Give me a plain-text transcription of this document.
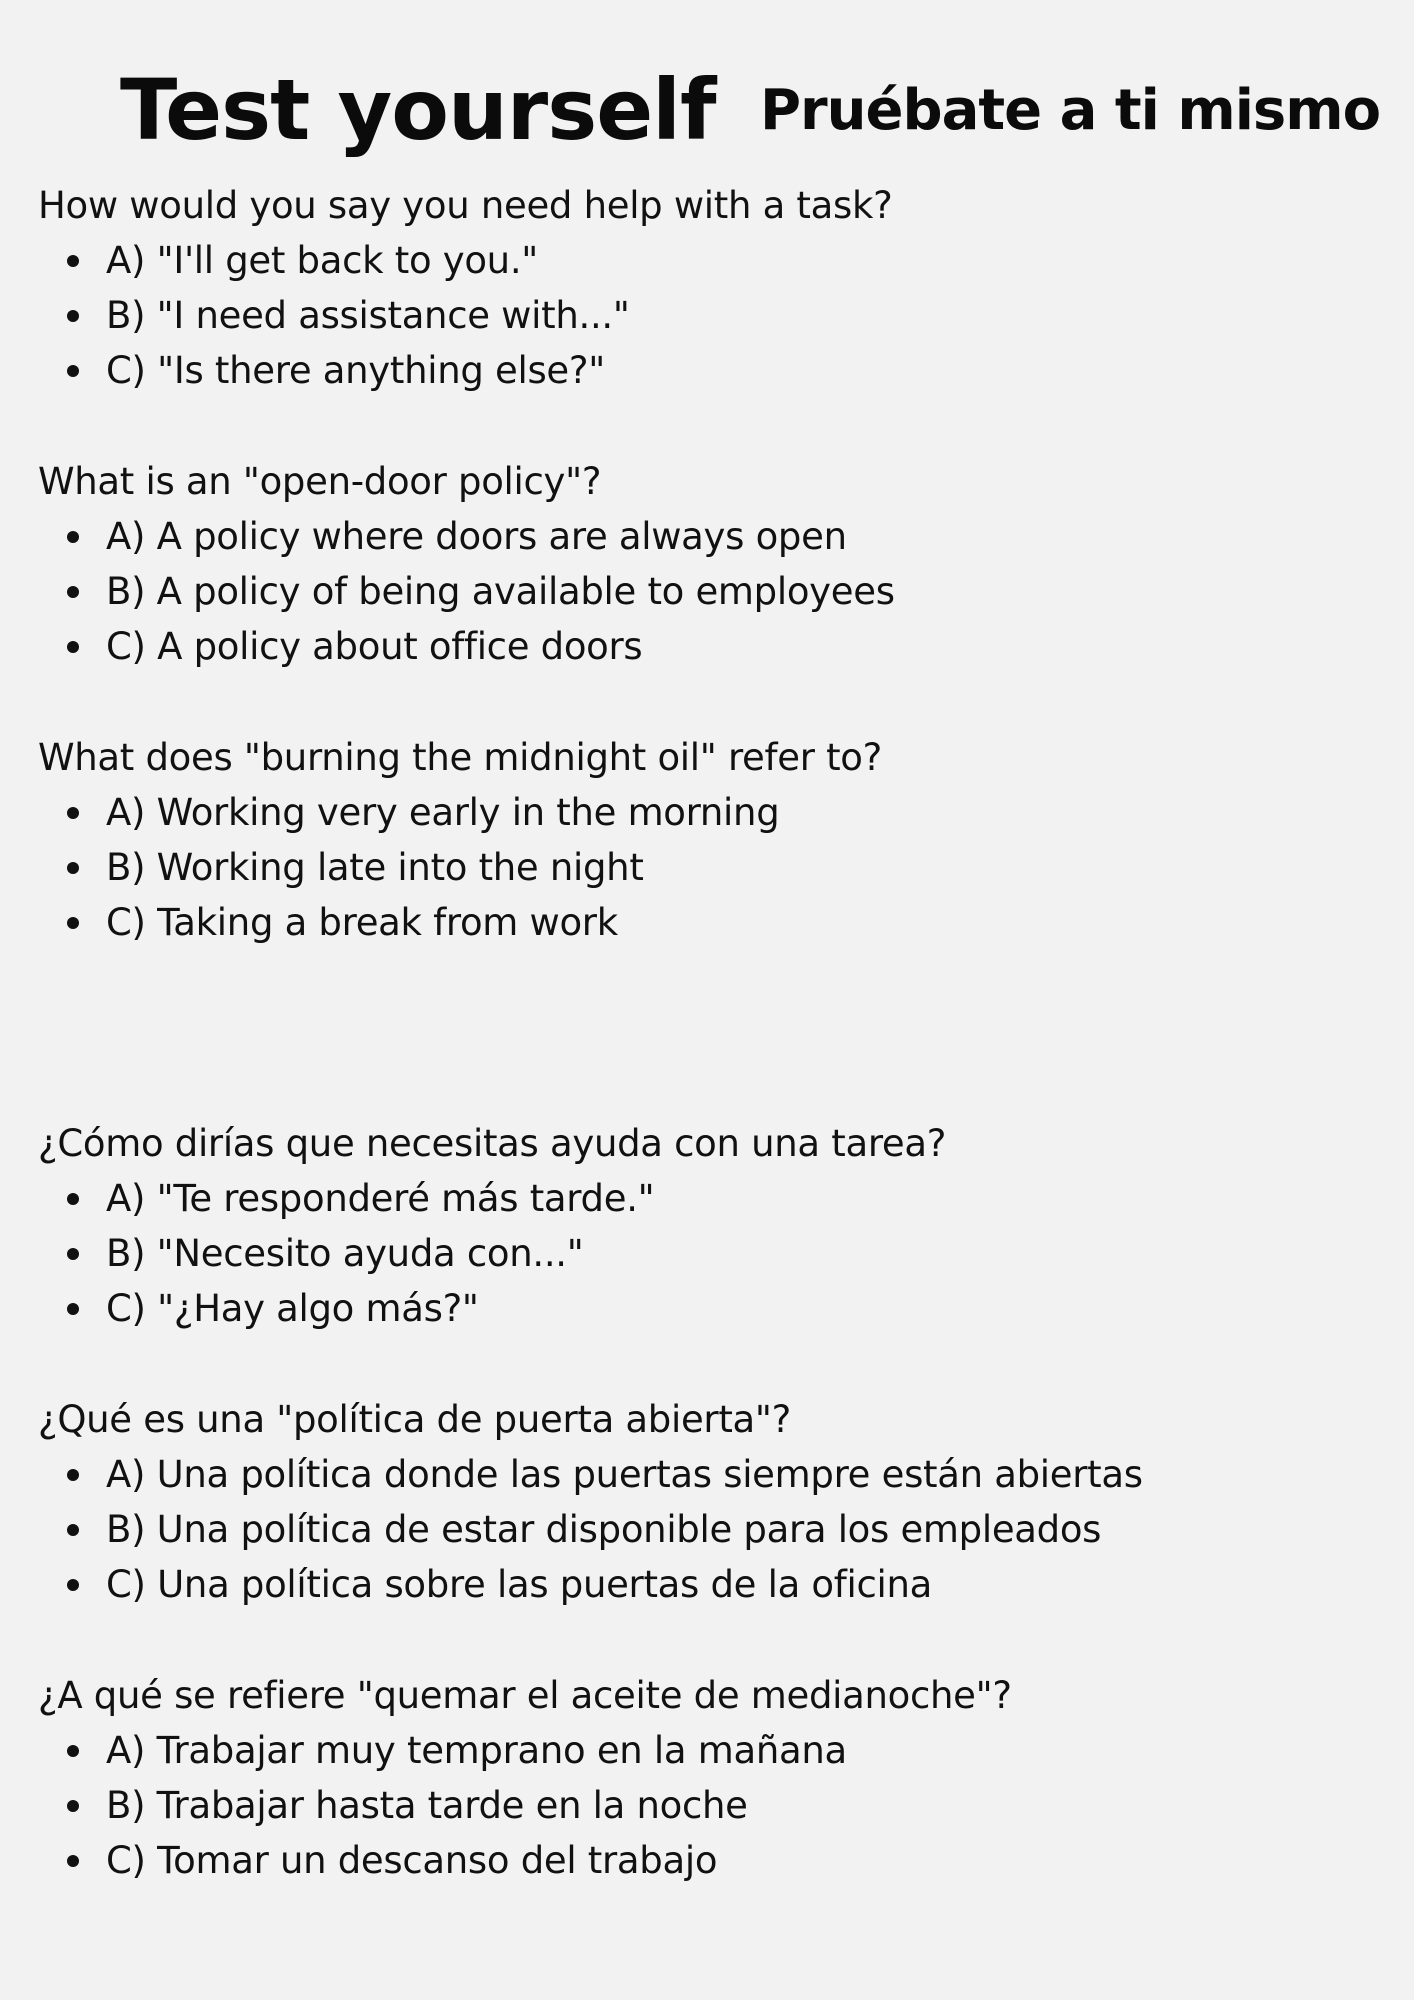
Test yourself Pruébate a ti mismo

How would you say you need help with a task?

A) "I'll get back to you."
B) "I need assistance with..."
C) "Is there anything else?"

What is an "open-door policy"?

A) A policy where doors are always open
B) A policy of being available to employees
C) A policy about office doors

What does "burning the midnight oil" refer to?

A) Working very early in the morning
B) Working late into the night
C) Taking a break from work

¿Cómo dirías que necesitas ayuda con una tarea?

A) "Te responderé más tarde."
B) "Necesito ayuda con..."
C) "¿Hay algo más?"

¿Qué es una "política de puerta abierta"?

A) Una política donde las puertas siempre están abiertas
B) Una política de estar disponible para los empleados
C) Una política sobre las puertas de la oficina

¿A qué se refiere "quemar el aceite de medianoche"?

A) Trabajar muy temprano en la mañana
B) Trabajar hasta tarde en la noche
C) Tomar un descanso del trabajo
